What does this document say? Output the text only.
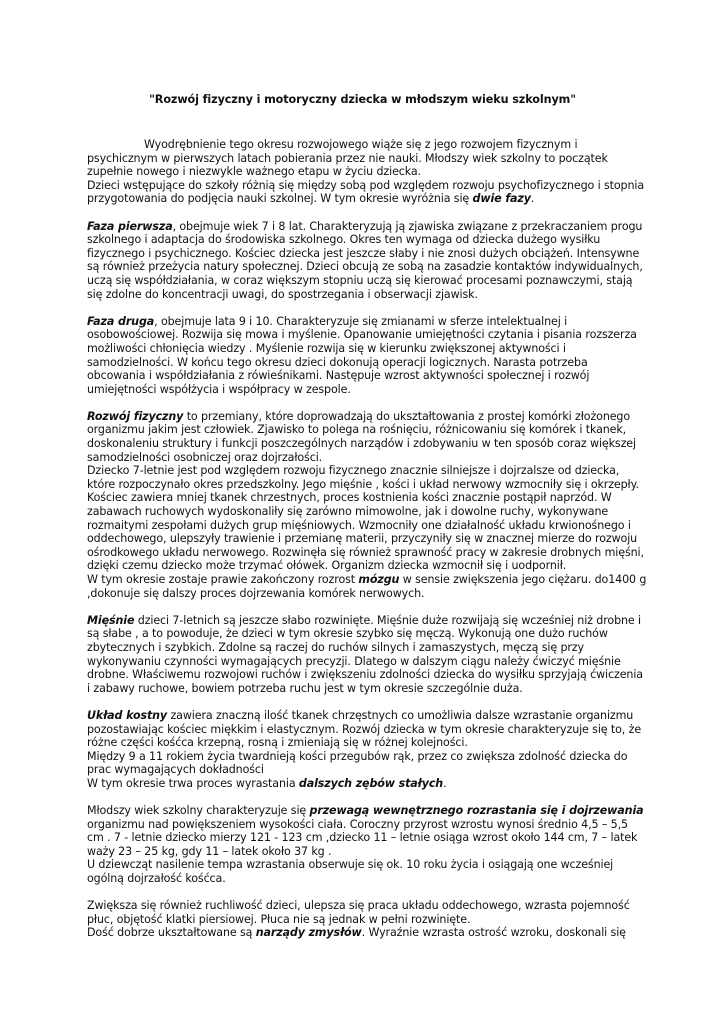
"Rozwój fizyczny i motoryczny dziecka w młodszym wieku szkolnym"

Wyodrębnienie tego okresu rozwojowego wiąże się z jego rozwojem fizycznym i psychicznym w pierwszych latach pobierania przez nie nauki. Młodszy wiek szkolny to początek zupełnie nowego i niezwykle ważnego etapu w życiu dziecka.
Dzieci wstępujące do szkoły różnią się między sobą pod względem rozwoju psychofizycznego i stopnia przygotowania do podjęcia nauki szkolnej. W tym okresie wyróżnia się dwie fazy.

Faza pierwsza, obejmuje wiek 7 i 8 lat. Charakteryzują ją zjawiska związane z przekraczaniem progu szkolnego i adaptacja do środowiska szkolnego. Okres ten wymaga od dziecka dużego wysiłku fizycznego i psychicznego. Kościec dziecka jest jeszcze słaby i nie znosi dużych obciążeń. Intensywne są również przeżycia natury społecznej. Dzieci obcują ze sobą na zasadzie kontaktów indywidualnych, uczą się współdziałania, w coraz większym stopniu uczą się kierować procesami poznawczymi, stają się zdolne do koncentracji uwagi, do spostrzegania i obserwacji zjawisk.

Faza druga, obejmuje lata 9 i 10. Charakteryzuje się zmianami w sferze intelektualnej i osobowościowej. Rozwija się mowa i myślenie. Opanowanie umiejętności czytania i pisania rozszerza możliwości chłonięcia wiedzy . Myślenie rozwija się w kierunku zwiększonej aktywności i samodzielności. W końcu tego okresu dzieci dokonują operacji logicznych. Narasta potrzeba obcowania i współdziałania z rówieśnikami. Następuje wzrost aktywności społecznej i rozwój umiejętności współżycia i współpracy w zespole.

Rozwój fizyczny to przemiany, które doprowadzają do ukształtowania z prostej komórki złożonego organizmu jakim jest człowiek. Zjawisko to polega na rośnięciu, różnicowaniu się komórek i tkanek, doskonaleniu struktury i funkcji poszczególnych narządów i zdobywaniu w ten sposób coraz większej samodzielności osobniczej oraz dojrzałości.
Dziecko 7-letnie jest pod względem rozwoju fizycznego znacznie silniejsze i dojrzalsze od dziecka, które rozpoczynało okres przedszkolny. Jego mięśnie , kości i układ nerwowy wzmocniły się i okrzepły. Kościec zawiera mniej tkanek chrzestnych, proces kostnienia kości znacznie postąpił naprzód. W zabawach ruchowych wydoskonaliły się zarówno mimowolne, jak i dowolne ruchy, wykonywane rozmaitymi zespołami dużych grup mięśniowych. Wzmocniły one działalność układu krwionośnego i oddechowego, ulepszyły trawienie i przemianę materii, przyczyniły się w znacznej mierze do rozwoju ośrodkowego układu nerwowego. Rozwinęła się również sprawność pracy w zakresie drobnych mięśni, dzięki czemu dziecko może trzymać ołówek. Organizm dziecka wzmocnił się i uodpornił.
W tym okresie zostaje prawie zakończony rozrost mózgu w sensie zwiększenia jego ciężaru. do1400 g ,dokonuje się dalszy proces dojrzewania komórek nerwowych.

Mięśnie dzieci 7-letnich są jeszcze słabo rozwinięte. Mięśnie duże rozwijają się wcześniej niż drobne i są słabe , a to powoduje, że dzieci w tym okresie szybko się męczą. Wykonują one dużo ruchów zbytecznych i szybkich. Zdolne są raczej do ruchów silnych i zamaszystych, męczą się przy wykonywaniu czynności wymagających precyzji. Dlatego w dalszym ciągu należy ćwiczyć mięśnie drobne. Właściwemu rozwojowi ruchów i zwiększeniu zdolności dziecka do wysiłku sprzyjają ćwiczenia i zabawy ruchowe, bowiem potrzeba ruchu jest w tym okresie szczególnie duża.

Układ kostny zawiera znaczną ilość tkanek chrzęstnych co umożliwia dalsze wzrastanie organizmu pozostawiając kościec miękkim i elastycznym. Rozwój dziecka w tym okresie charakteryzuje się to, że różne części kośćca krzepną, rosną i zmieniają się w różnej kolejności.
Między 9 a 11 rokiem życia twardnieją kości przegubów rąk, przez co zwiększa zdolność dziecka do prac wymagających dokładności
W tym okresie trwa proces wyrastania dalszych zębów stałych.

Młodszy wiek szkolny charakteryzuje się przewagą wewnętrznego rozrastania się i dojrzewania organizmu nad powiększeniem wysokości ciała. Coroczny przyrost wzrostu wynosi średnio 4,5 – 5,5 cm . 7 - letnie dziecko mierzy 121 - 123 cm ,dziecko 11 – letnie osiąga wzrost około 144 cm, 7 – latek waży 23 – 25 kg, gdy 11 – latek około 37 kg .
U dziewcząt nasilenie tempa wzrastania obserwuje się ok. 10 roku życia i osiągają one wcześniej ogólną dojrzałość kośćca.

Zwiększa się również ruchliwość dzieci, ulepsza się praca układu oddechowego, wzrasta pojemność płuc, objętość klatki piersiowej. Płuca nie są jednak w pełni rozwinięte.
Dość dobrze ukształtowane są narządy zmysłów. Wyraźnie wzrasta ostrość wzroku, doskonali się
